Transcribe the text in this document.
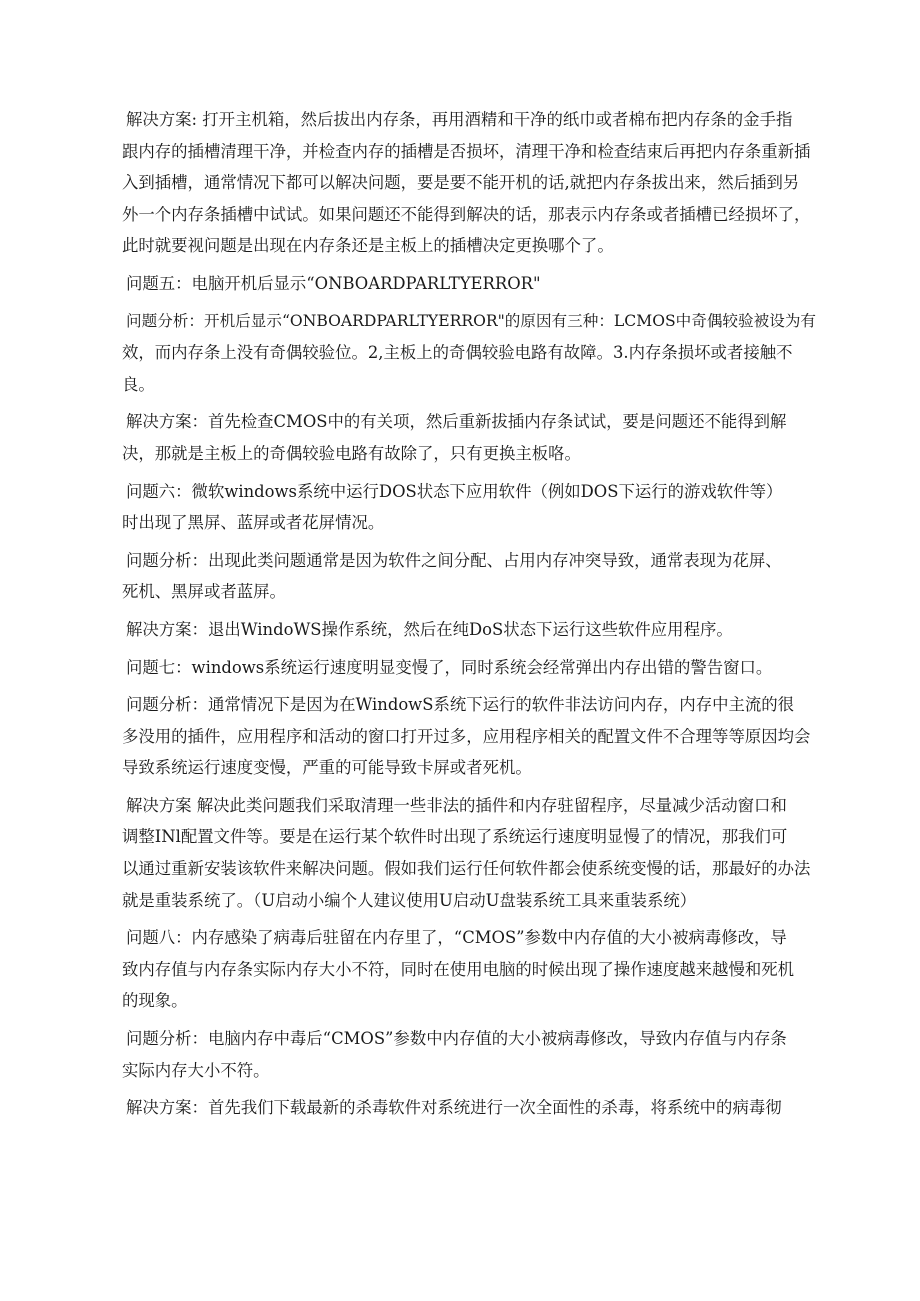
解决方案: 打开主机箱，然后拔出内存条，再用酒精和干净的纸巾或者棉布把内存条的金手指
跟内存的插槽清理干净，并检查内存的插槽是否损坏，清理干净和检查结束后再把内存条重新插
入到插槽，通常情况下都可以解决问题，要是要不能开机的话,就把内存条拔出来，然后插到另
外一个内存条插槽中试试。如果问题还不能得到解决的话，那表示内存条或者插槽已经损坏了，
此时就要视问题是出现在内存条还是主板上的插槽决定更换哪个了。
问题五：电脑开机后显示“ONBOARDPARLTYERROR"
问题分析：开机后显示“ONBOARDPARLTYERROR"的原因有三种：LCMOS中奇偶较验被设为有
效，而内存条上没有奇偶较验位。2,主板上的奇偶较验电路有故障。3.内存条损坏或者接触不
良。
解决方案：首先检查CMOS中的有关项，然后重新拔插内存条试试，要是问题还不能得到解
决，那就是主板上的奇偶较验电路有故除了，只有更换主板咯。
问题六：微软windows系统中运行DOS状态下应用软件（例如DOS下运行的游戏软件等）
时出现了黑屏、蓝屏或者花屏情况。
问题分析：出现此类问题通常是因为软件之间分配、占用内存冲突导致，通常表现为花屏、
死机、黑屏或者蓝屏。
解决方案：退出WindoWS操作系统，然后在纯DoS状态下运行这些软件应用程序。
问题七：windows系统运行速度明显变慢了，同时系统会经常弹出内存出错的警告窗口。
问题分析：通常情况下是因为在WindowS系统下运行的软件非法访问内存，内存中主流的很
多没用的插件，应用程序和活动的窗口打开过多，应用程序相关的配置文件不合理等等原因均会
导致系统运行速度变慢，严重的可能导致卡屏或者死机。
解决方案 解决此类问题我们采取清理一些非法的插件和内存驻留程序，尽量减少活动窗口和
调整INl配置文件等。要是在运行某个软件时出现了系统运行速度明显慢了的情况，那我们可
以通过重新安装该软件来解决问题。假如我们运行任何软件都会使系统变慢的话，那最好的办法
就是重装系统了。（U启动小编个人建议使用U启动U盘装系统工具来重装系统）
问题八：内存感染了病毒后驻留在内存里了，“CMOS”参数中内存值的大小被病毒修改，导
致内存值与内存条实际内存大小不符，同时在使用电脑的时候出现了操作速度越来越慢和死机
的现象。
问题分析：电脑内存中毒后“CMOS”参数中内存值的大小被病毒修改，导致内存值与内存条
实际内存大小不符。
解决方案：首先我们下载最新的杀毒软件对系统进行一次全面性的杀毒，将系统中的病毒彻
